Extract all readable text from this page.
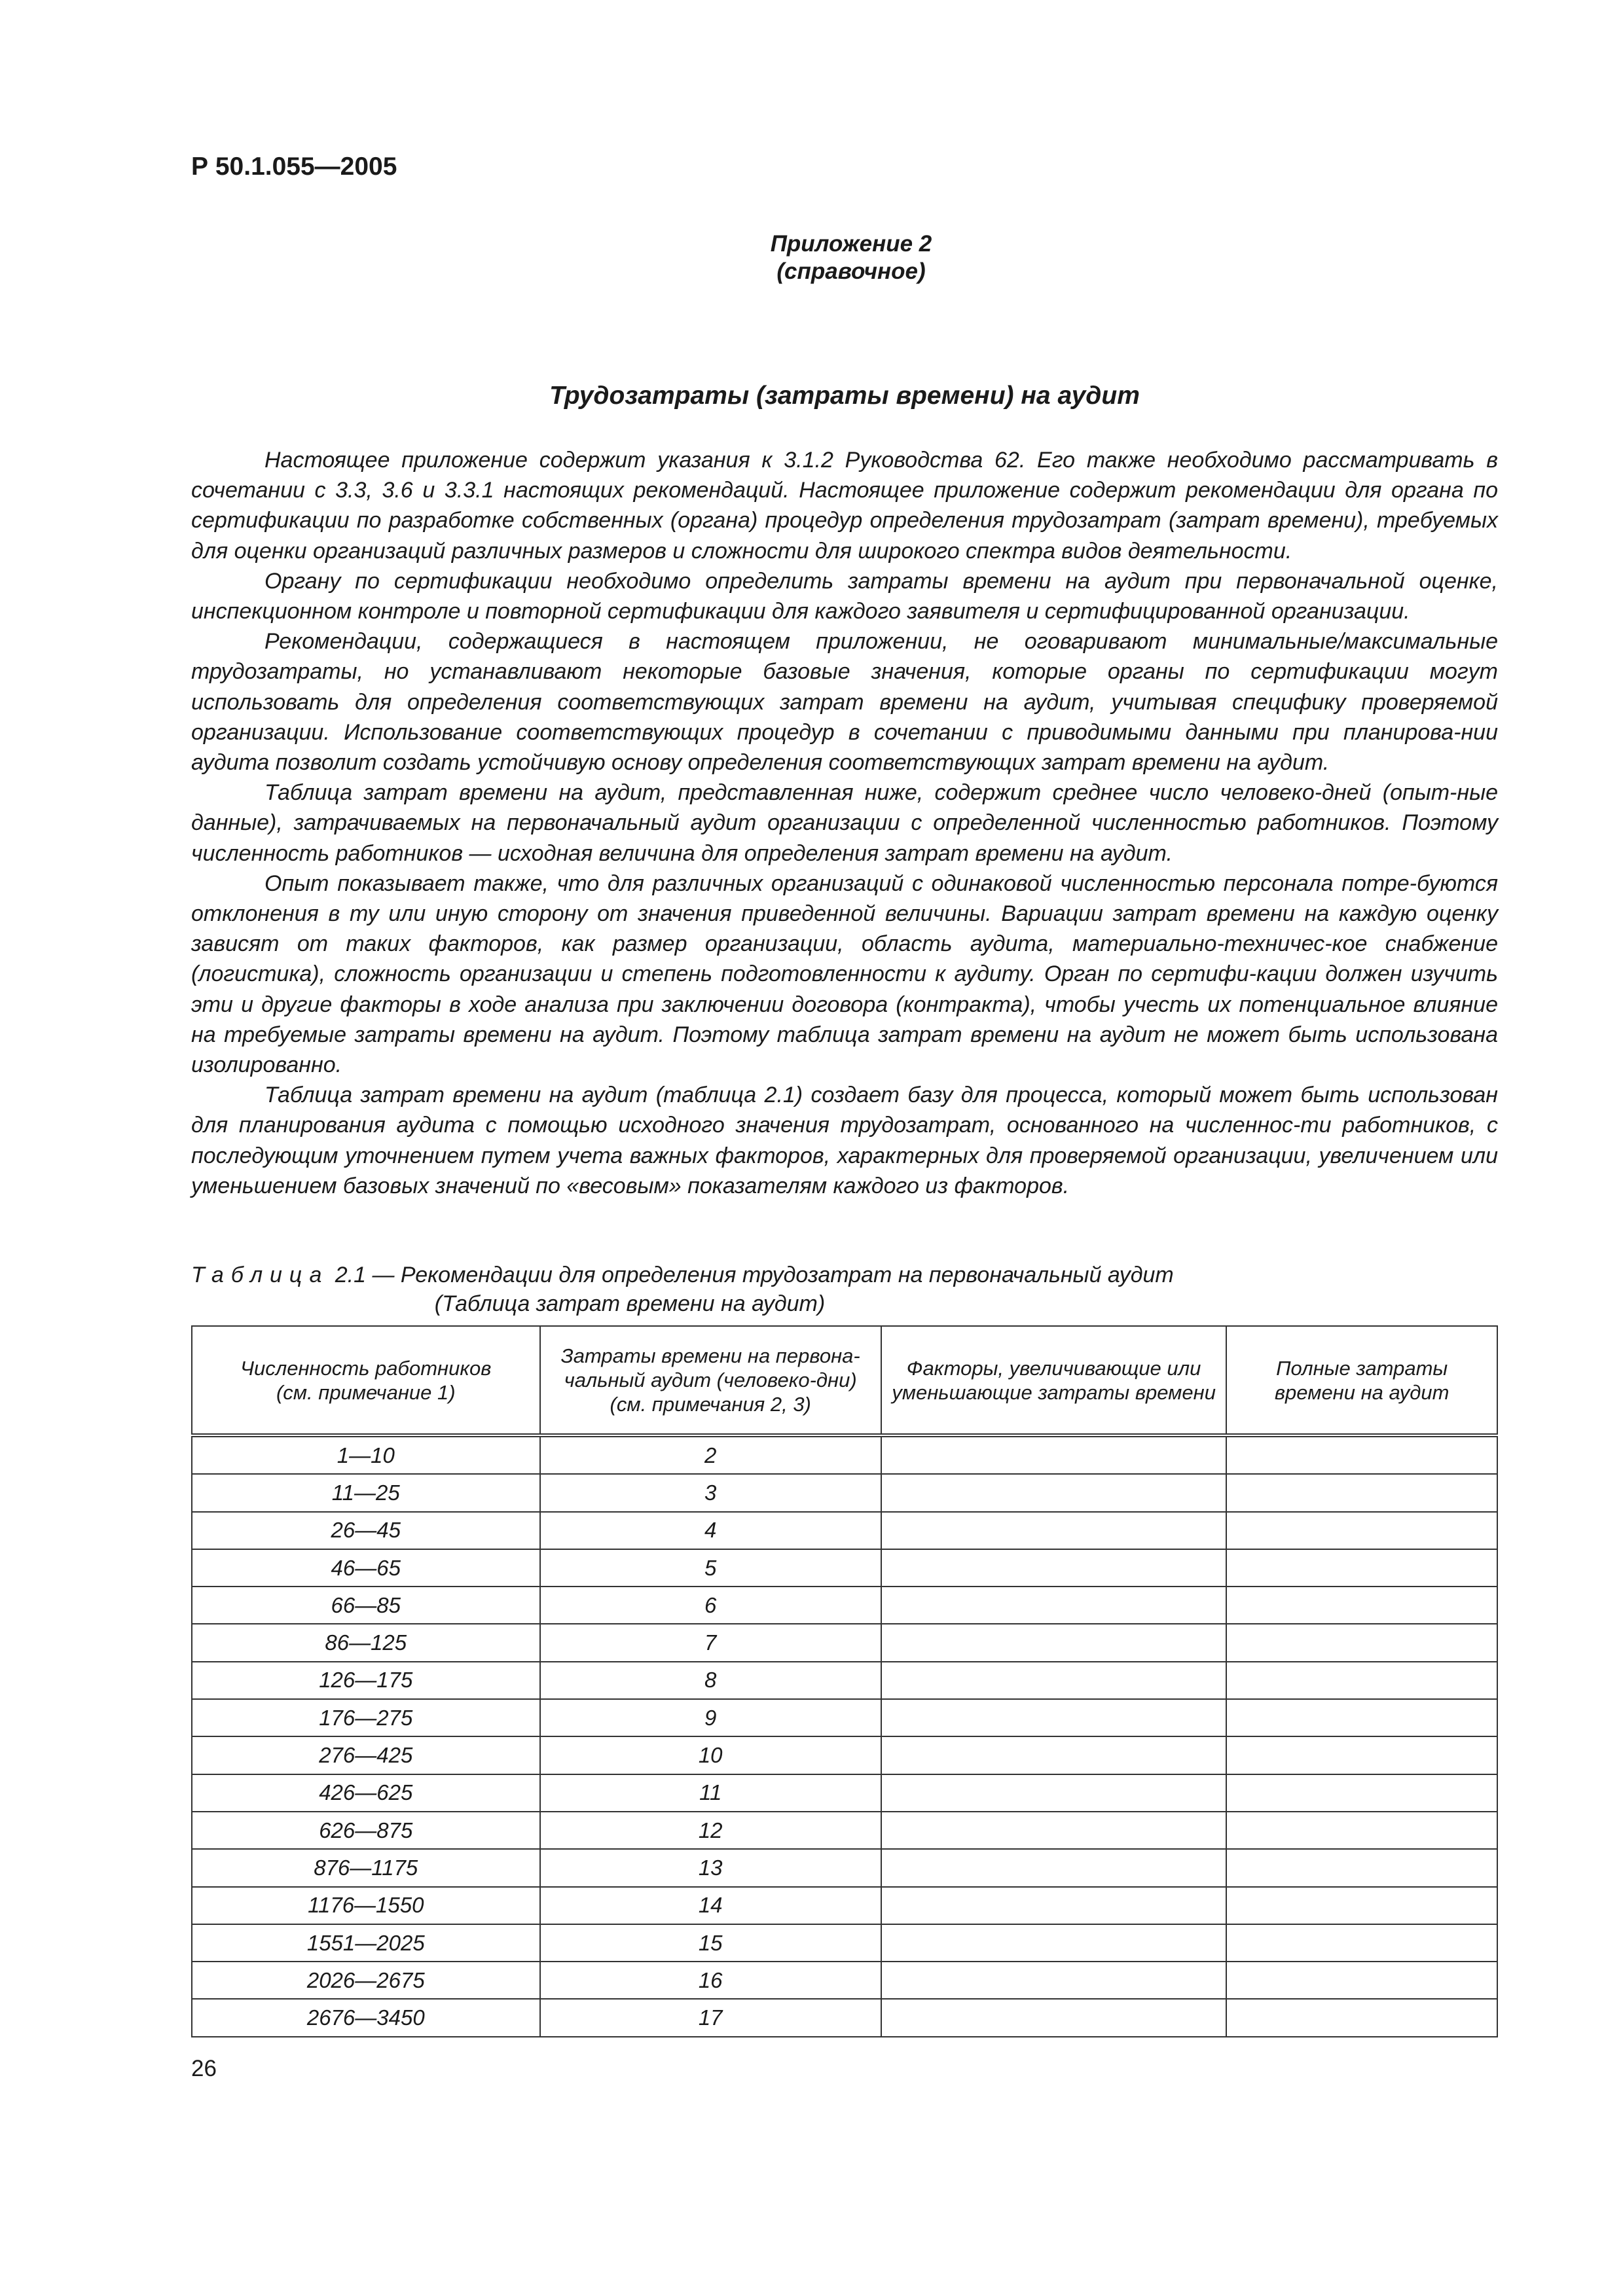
Р 50.1.055—2005
Приложение 2
(справочное)
Трудозатраты (затраты времени) на аудит

Настоящее приложение содержит указания к 3.1.2 Руководства 62. Его также необходимо рассматривать в сочетании с 3.3, 3.6 и 3.3.1 настоящих рекомендаций. Настоящее приложение содержит рекомендации для органа по сертификации по разработке собственных (органа) процедур определения трудозатрат (затрат времени), требуемых для оценки организаций различных размеров и сложности для широкого спектра видов деятельности.

Органу по сертификации необходимо определить затраты времени на аудит при первоначальной оценке, инспекционном контроле и повторной сертификации для каждого заявителя и сертифицированной организации.

Рекомендации, содержащиеся в настоящем приложении, не оговаривают минимальные/максимальные трудозатраты, но устанавливают некоторые базовые значения, которые органы по сертификации могут использовать для определения соответствующих затрат времени на аудит, учитывая специфику проверяемой организации. Использование соответствующих процедур в сочетании с приводимыми данными при планирова-нии аудита позволит создать устойчивую основу определения соответствующих затрат времени на аудит.

Таблица затрат времени на аудит, представленная ниже, содержит среднее число человеко-дней (опыт-ные данные), затрачиваемых на первоначальный аудит организации с определенной численностью работников. Поэтому численность работников — исходная величина для определения затрат времени на аудит.

Опыт показывает также, что для различных организаций с одинаковой численностью персонала потре-буются отклонения в ту или иную сторону от значения приведенной величины. Вариации затрат времени на каждую оценку зависят от таких факторов, как размер организации, область аудита, материально-техничес-кое снабжение (логистика), сложность организации и степень подготовленности к аудиту. Орган по сертифи-кации должен изучить эти и другие факторы в ходе анализа при заключении договора (контракта), чтобы учесть их потенциальное влияние на требуемые затраты времени на аудит. Поэтому таблица затрат времени на аудит не может быть использована изолированно.

Таблица затрат времени на аудит (таблица 2.1) создает базу для процесса, который может быть использован для планирования аудита с помощью исходного значения трудозатрат, основанного на численнос-ти работников, с последующим уточнением путем учета важных факторов, характерных для проверяемой организации, увеличением или уменьшением базовых значений по «весовым» показателям каждого из факторов.

Таблица 2.1 — Рекомендации для определения трудозатрат на первоначальный аудит
(Таблица затрат времени на аудит)
Численность работников (см. примечание 1)	Затраты времени на первона-чальный аудит (человеко-дни) (см. примечания 2, 3)	Факторы, увеличивающие или уменьшающие затраты времени	Полные затраты времени на аудит
1—10	2		
11—25	3		
26—45	4		
46—65	5		
66—85	6		
86—125	7		
126—175	8		
176—275	9		
276—425	10		
426—625	11		
626—875	12		
876—1175	13		
1176—1550	14		
1551—2025	15		
2026—2675	16		
2676—3450	17		
26
